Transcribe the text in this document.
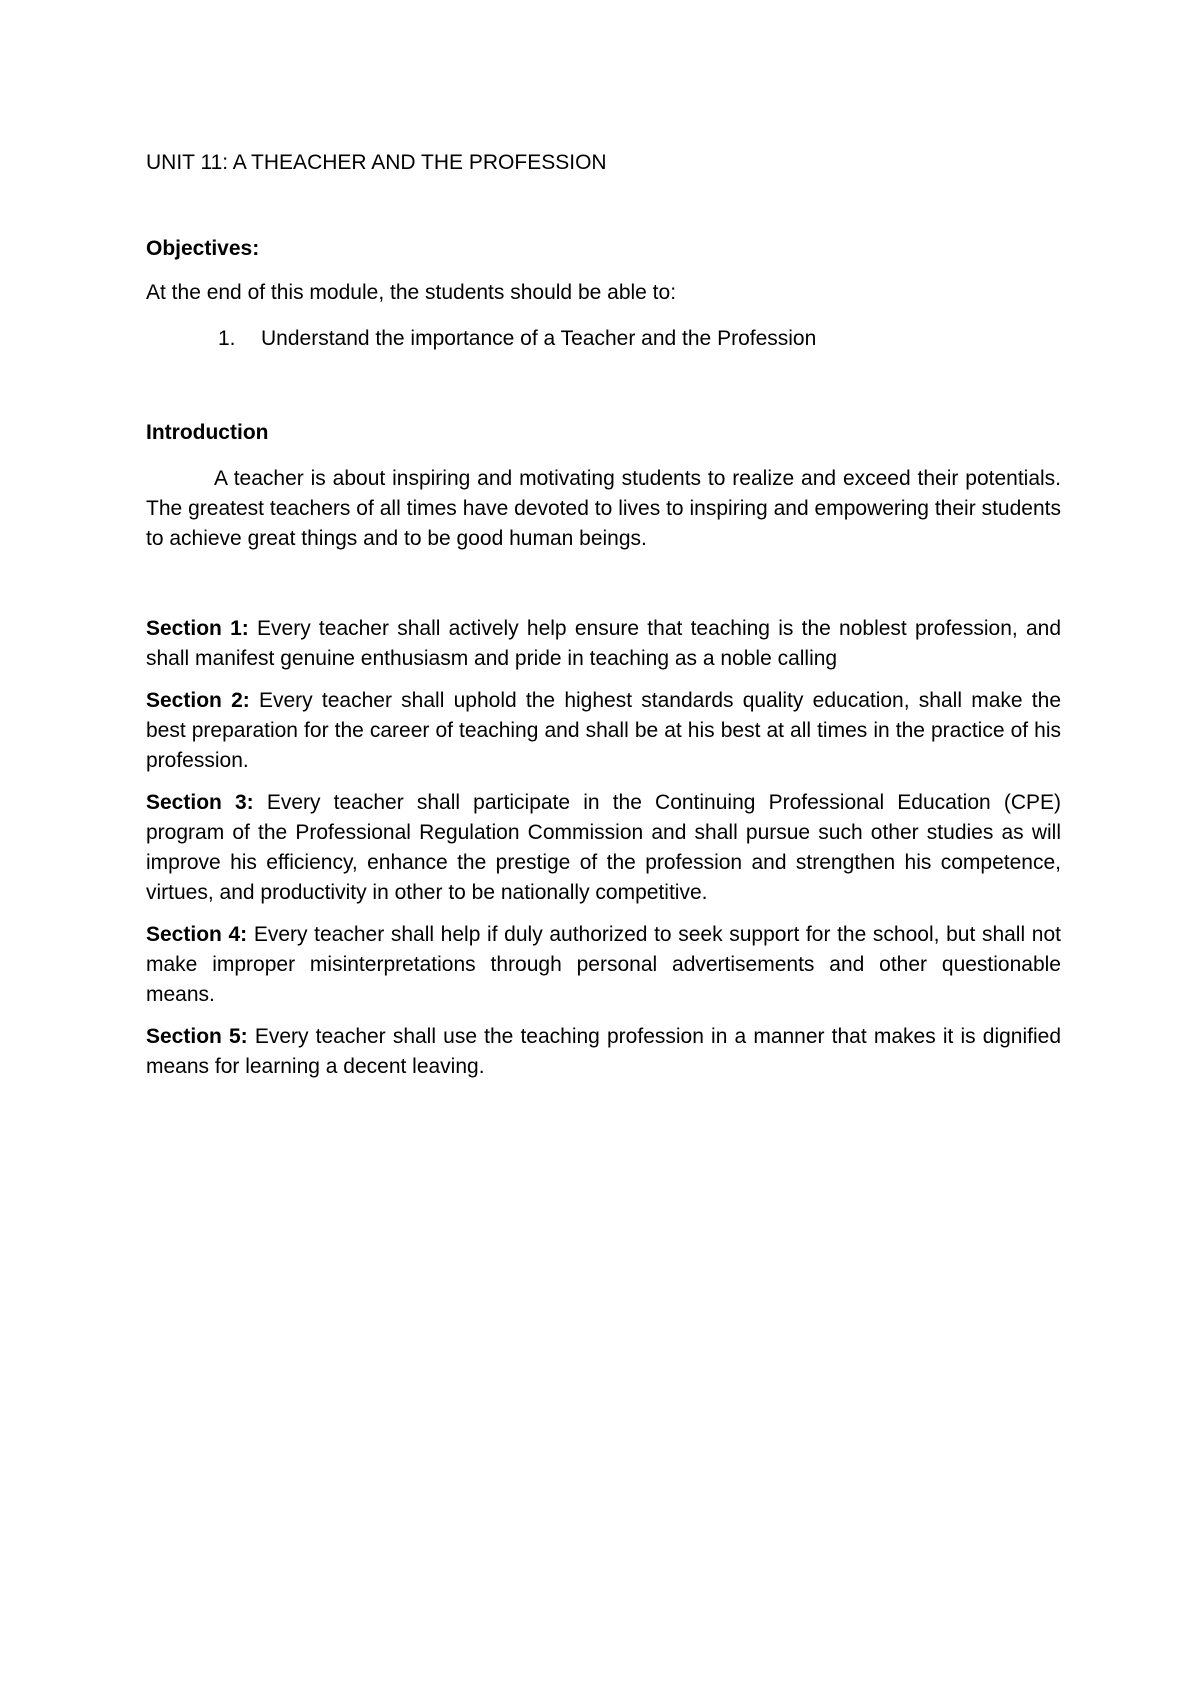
UNIT 11: A THEACHER AND THE PROFESSION
Objectives:

At the end of this module, the students should be able to:

1.	Understand the importance of a Teacher and the Profession
Introduction

A teacher is about inspiring and motivating students to realize and exceed their potentials. The greatest teachers of all times have devoted to lives to inspiring and empowering their students to achieve great things and to be good human beings.

Section 1: Every teacher shall actively help ensure that teaching is the noblest profession, and shall manifest genuine enthusiasm and pride in teaching as a noble calling

Section 2: Every teacher shall uphold the highest standards quality education, shall make the best preparation for the career of teaching and shall be at his best at all times in the practice of his profession.

Section 3: Every teacher shall participate in the Continuing Professional Education (CPE) program of the Professional Regulation Commission and shall pursue such other studies as will improve his efficiency, enhance the prestige of the profession and strengthen his competence, virtues, and productivity in other to be nationally competitive.

Section 4: Every teacher shall help if duly authorized to seek support for the school, but shall not make improper misinterpretations through personal advertisements and other questionable means.

Section 5: Every teacher shall use the teaching profession in a manner that makes it is dignified means for learning a decent leaving.
